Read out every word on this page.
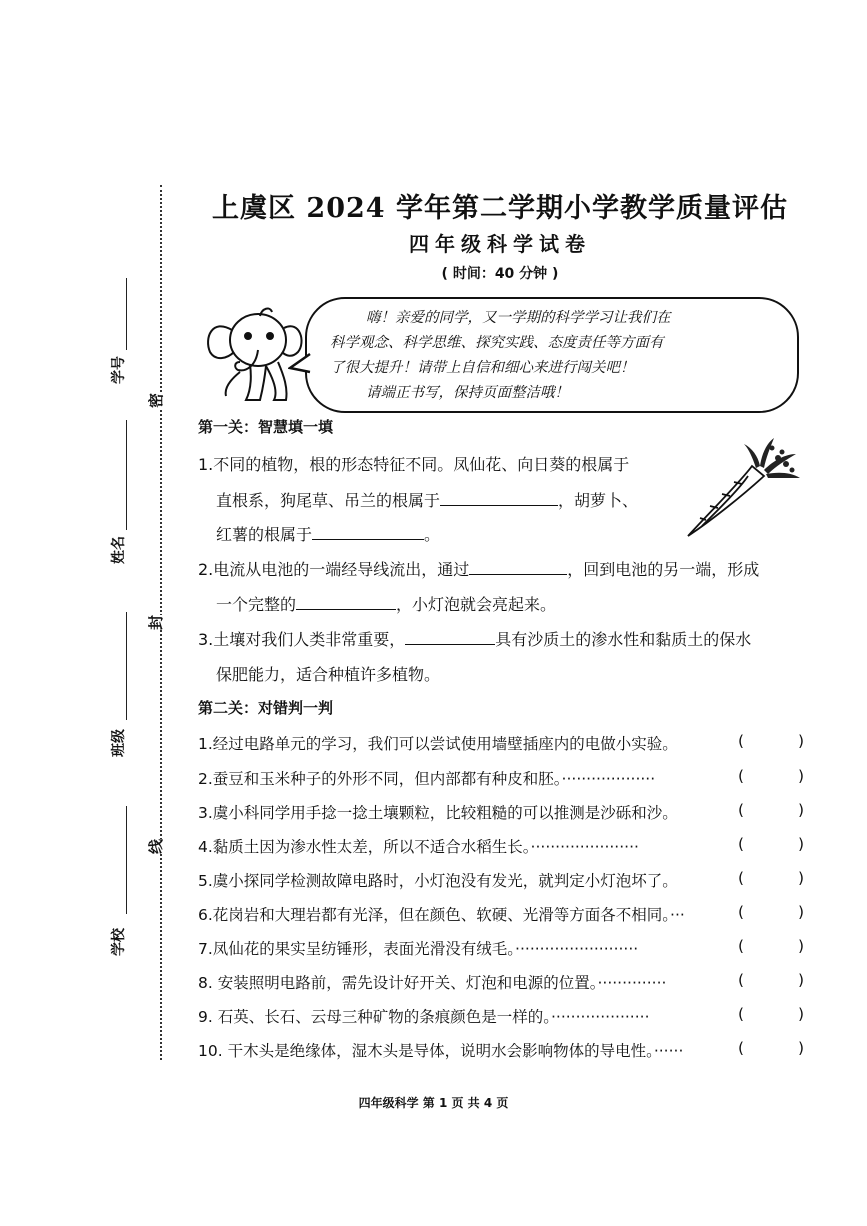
学号
姓名
班级
学校
密
封
线
上虞区 2024 学年第二学期小学教学质量评估
四年级科学试卷
( 时间：40 分钟 )
嗨！亲爱的同学，又一学期的科学学习让我们在
科学观念、科学思维、探究实践、态度责任等方面有
了很大提升！请带上自信和细心来进行闯关吧！
请端正书写，保持页面整洁哦！
第一关：智慧填一填
1.不同的植物，根的形态特征不同。凤仙花、向日葵的根属于
直根系，狗尾草、吊兰的根属于	，胡萝卜、
红薯的根属于	。
2.电流从电池的一端经导线流出，通过	，回到电池的另一端，形成
一个完整的	，小灯泡就会亮起来。
3.土壤对我们人类非常重要，	具有沙质土的渗水性和黏质土的保水
保肥能力，适合种植许多植物。
第二关：对错判一判
1.经过电路单元的学习，我们可以尝试使用墙壁插座内的电做小实验。	(	)
2.蚕豆和玉米种子的外形不同，但内部都有种皮和胚。···················	(	)
3.虞小科同学用手捻一捻土壤颗粒，比较粗糙的可以推测是沙砾和沙。	(	)
4.黏质土因为渗水性太差，所以不适合水稻生长。······················	(	)
5.虞小探同学检测故障电路时，小灯泡没有发光，就判定小灯泡坏了。	(	)
6.花岗岩和大理岩都有光泽，但在颜色、软硬、光滑等方面各不相同。···	(	)
7.凤仙花的果实呈纺锤形，表面光滑没有绒毛。·························	(	)
8. 安装照明电路前，需先设计好开关、灯泡和电源的位置。··············	(	)
9. 石英、长石、云母三种矿物的条痕颜色是一样的。····················	(	)
10. 干木头是绝缘体，湿木头是导体，说明水会影响物体的导电性。······	(	)
四年级科学 第 1 页 共 4 页
